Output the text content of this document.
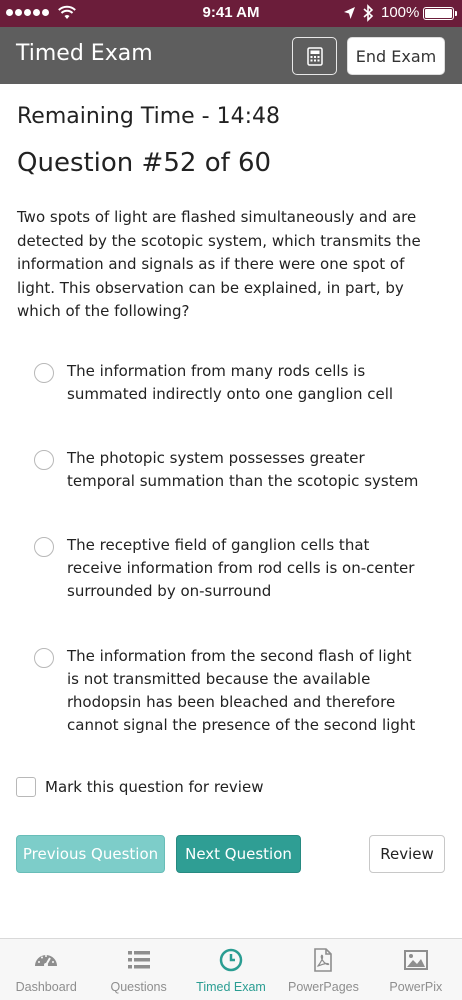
9:41 AM	100%
Timed Exam	End Exam
Remaining Time - 14:48
Question #52 of 60
Two spots of light are flashed simultaneously and are detected by the scotopic system, which transmits the information and signals as if there were one spot of light. This observation can be explained, in part, by which of the following?
The information from many rods cells is summated indirectly onto one ganglion cell
The photopic system possesses greater temporal summation than the scotopic system
The receptive field of ganglion cells that receive information from rod cells is on-center surrounded by on-surround
The information from the second flash of light is not transmitted because the available rhodopsin has been bleached and therefore cannot signal the presence of the second light
Mark this question for review
Previous Question	Next Question	Review
Dashboard	Questions Timed Exam PowerPages PowerPix
